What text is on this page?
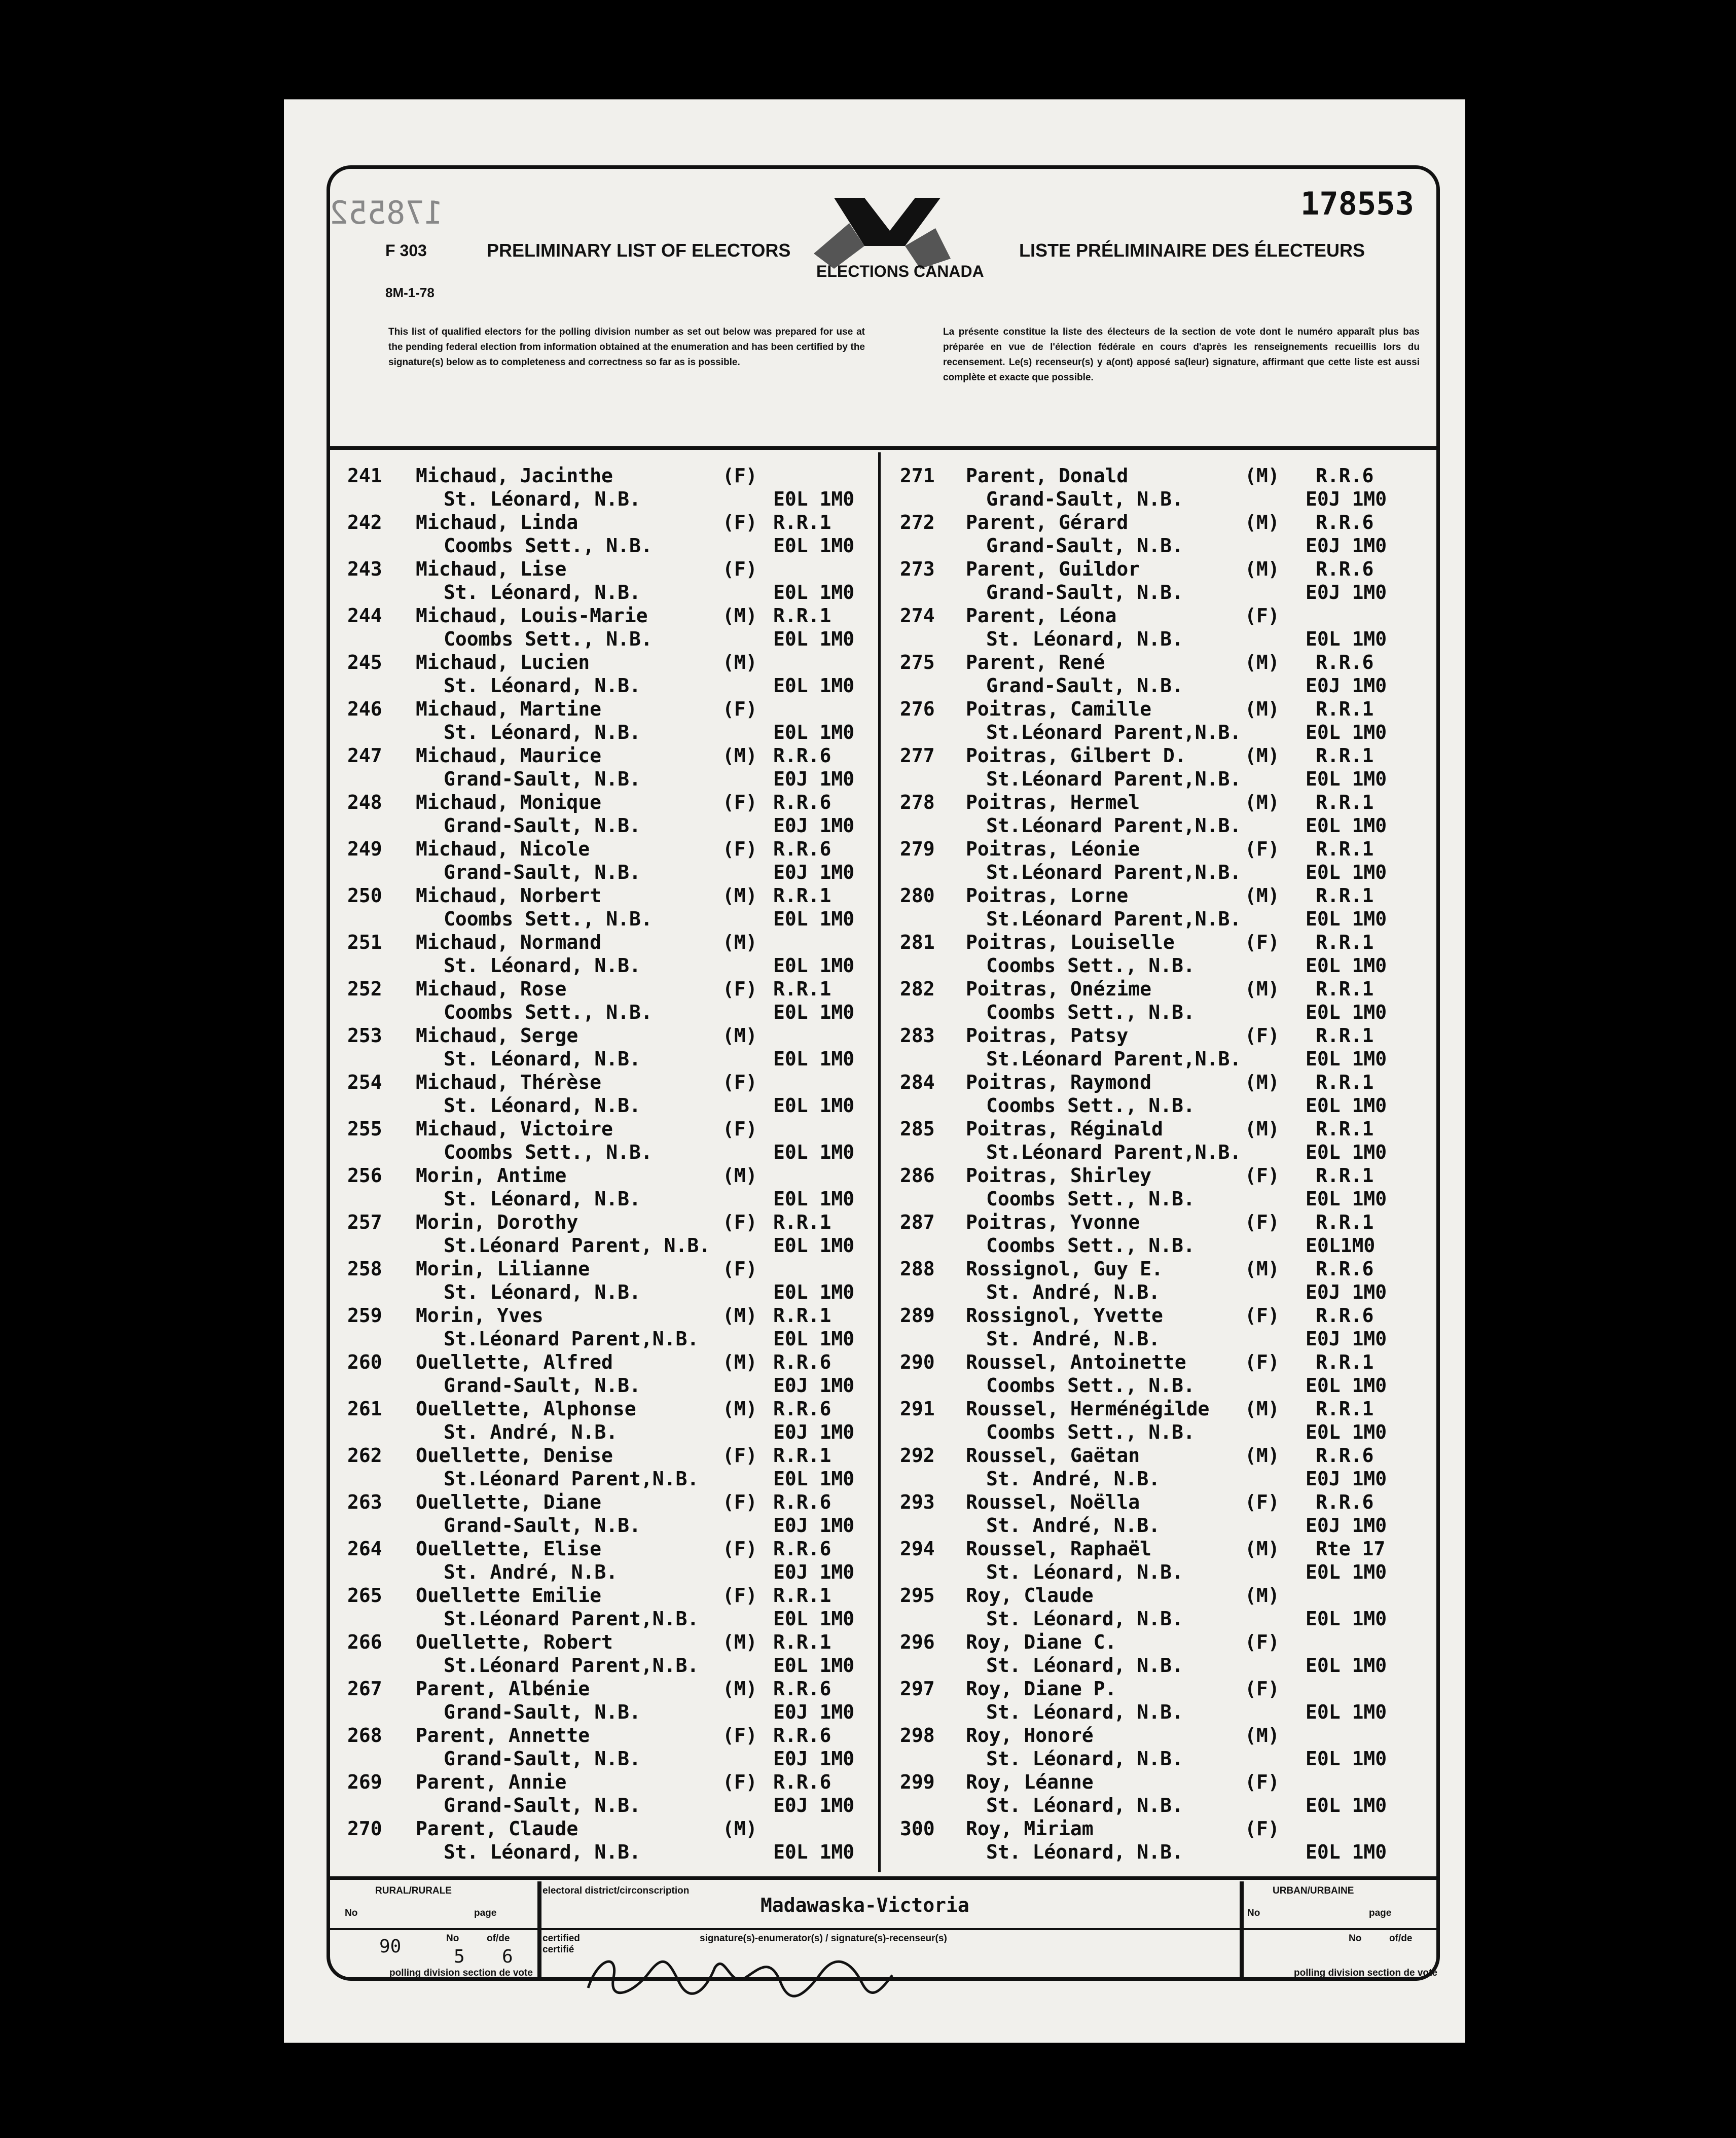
178552	178553
F 303
8M-1-78
PRELIMINARY LIST OF ELECTORS	LISTE PRÉLIMINAIRE DES ÉLECTEURS
ELECTIONS CANADA
This list of qualified electors for the polling division number as set out below was prepared for use at the pending federal election from information obtained at the enumeration and has been certified by the signature(s) below as to completeness and correctness so far as is possible.
La présente constitue la liste des électeurs de la section de vote dont le numéro apparaît plus bas préparée en vue de l'élection fédérale en cours d'après les renseignements recueillis lors du recensement. Le(s) recenseur(s) y a(ont) apposé sa(leur) signature, affirmant que cette liste est aussi complète et exacte que possible.
241 Michaud, Jacinthe	(F)
St. Léonard, N.B.	E0L 1M0
242 Michaud, Linda	(F) R.R.1
Coombs Sett., N.B.	E0L 1M0
243 Michaud, Lise	(F)
St. Léonard, N.B.	E0L 1M0
244 Michaud, Louis-Marie	(M) R.R.1
Coombs Sett., N.B.	E0L 1M0
245 Michaud, Lucien	(M)
St. Léonard, N.B.	E0L 1M0
246 Michaud, Martine	(F)
St. Léonard, N.B.	E0L 1M0
247 Michaud, Maurice	(M) R.R.6
Grand-Sault, N.B.	E0J 1M0
248 Michaud, Monique	(F) R.R.6
Grand-Sault, N.B.	E0J 1M0
249 Michaud, Nicole	(F) R.R.6
Grand-Sault, N.B.	E0J 1M0
250 Michaud, Norbert	(M) R.R.1
Coombs Sett., N.B.	E0L 1M0
251 Michaud, Normand	(M)
St. Léonard, N.B.	E0L 1M0
252 Michaud, Rose	(F) R.R.1
Coombs Sett., N.B.	E0L 1M0
253 Michaud, Serge	(M)
St. Léonard, N.B.	E0L 1M0
254 Michaud, Thérèse	(F)
St. Léonard, N.B.	E0L 1M0
255 Michaud, Victoire	(F)
Coombs Sett., N.B.	E0L 1M0
256 Morin, Antime	(M)
St. Léonard, N.B.	E0L 1M0
257 Morin, Dorothy	(F) R.R.1
St.Léonard Parent, N.B.	E0L 1M0
258 Morin, Lilianne	(F)
St. Léonard, N.B.	E0L 1M0
259 Morin, Yves	(M) R.R.1
St.Léonard Parent,N.B.	E0L 1M0
260 Ouellette, Alfred	(M) R.R.6
Grand-Sault, N.B.	E0J 1M0
261 Ouellette, Alphonse	(M) R.R.6
St. André, N.B.	E0J 1M0
262 Ouellette, Denise	(F) R.R.1
St.Léonard Parent,N.B.	E0L 1M0
263 Ouellette, Diane	(F) R.R.6
Grand-Sault, N.B.	E0J 1M0
264 Ouellette, Elise	(F) R.R.6
St. André, N.B.	E0J 1M0
265 Ouellette Emilie	(F) R.R.1
St.Léonard Parent,N.B.	E0L 1M0
266 Ouellette, Robert	(M) R.R.1
St.Léonard Parent,N.B.	E0L 1M0
267 Parent, Albénie	(M) R.R.6
Grand-Sault, N.B.	E0J 1M0
268 Parent, Annette	(F) R.R.6
Grand-Sault, N.B.	E0J 1M0
269 Parent, Annie	(F) R.R.6
Grand-Sault, N.B.	E0J 1M0
270 Parent, Claude	(M)
St. Léonard, N.B.	E0L 1M0
271 Parent, Donald	(M) R.R.6
Grand-Sault, N.B.	E0J 1M0
272 Parent, Gérard	(M) R.R.6
Grand-Sault, N.B.	E0J 1M0
273 Parent, Guildor	(M) R.R.6
Grand-Sault, N.B.	E0J 1M0
274 Parent, Léona	(F)
St. Léonard, N.B.	E0L 1M0
275 Parent, René	(M) R.R.6
Grand-Sault, N.B.	E0J 1M0
276 Poitras, Camille	(M) R.R.1
St.Léonard Parent,N.B.	E0L 1M0
277 Poitras, Gilbert D.	(M) R.R.1
St.Léonard Parent,N.B.	E0L 1M0
278 Poitras, Hermel	(M) R.R.1
St.Léonard Parent,N.B.	E0L 1M0
279 Poitras, Léonie	(F) R.R.1
St.Léonard Parent,N.B.	E0L 1M0
280 Poitras, Lorne	(M) R.R.1
St.Léonard Parent,N.B.	E0L 1M0
281 Poitras, Louiselle	(F) R.R.1
Coombs Sett., N.B.	E0L 1M0
282 Poitras, Onézime	(M) R.R.1
Coombs Sett., N.B.	E0L 1M0
283 Poitras, Patsy	(F) R.R.1
St.Léonard Parent,N.B.	E0L 1M0
284 Poitras, Raymond	(M) R.R.1
Coombs Sett., N.B.	E0L 1M0
285 Poitras, Réginald	(M) R.R.1
St.Léonard Parent,N.B.	E0L 1M0
286 Poitras, Shirley	(F) R.R.1
Coombs Sett., N.B.	E0L 1M0
287 Poitras, Yvonne	(F) R.R.1
Coombs Sett., N.B.	E0L1M0
288 Rossignol, Guy E.	(M) R.R.6
St. André, N.B.	E0J 1M0
289 Rossignol, Yvette	(F) R.R.6
St. André, N.B.	E0J 1M0
290 Roussel, Antoinette	(F) R.R.1
Coombs Sett., N.B.	E0L 1M0
291 Roussel, Herménégilde (M) R.R.1
Coombs Sett., N.B.	E0L 1M0
292 Roussel, Gaëtan	(M) R.R.6
St. André, N.B.	E0J 1M0
293 Roussel, Noëlla	(F) R.R.6
St. André, N.B.	E0J 1M0
294 Roussel, Raphaël	(M) Rte 17
St. Léonard, N.B.	E0L 1M0
295 Roy, Claude	(M)
St. Léonard, N.B.	E0L 1M0
296 Roy, Diane C.	(F)
St. Léonard, N.B.	E0L 1M0
297 Roy, Diane P.	(F)
St. Léonard, N.B.	E0L 1M0
298 Roy, Honoré	(M)
St. Léonard, N.B.	E0L 1M0
299 Roy, Léanne	(F)
St. Léonard, N.B.	E0L 1M0
300 Roy, Miriam	(F)
St. Léonard, N.B.	E0L 1M0
RURAL/RURALE	electoral district/circonscription
Madawaska-Victoria
URBAN/URBAINE
No	page
No	of/de
90	5 6
polling division section de vote
certified certifié
signature(s)-enumerator(s) / signature(s)-recenseur(s)
No	page
No	of/de
polling division section de vote
